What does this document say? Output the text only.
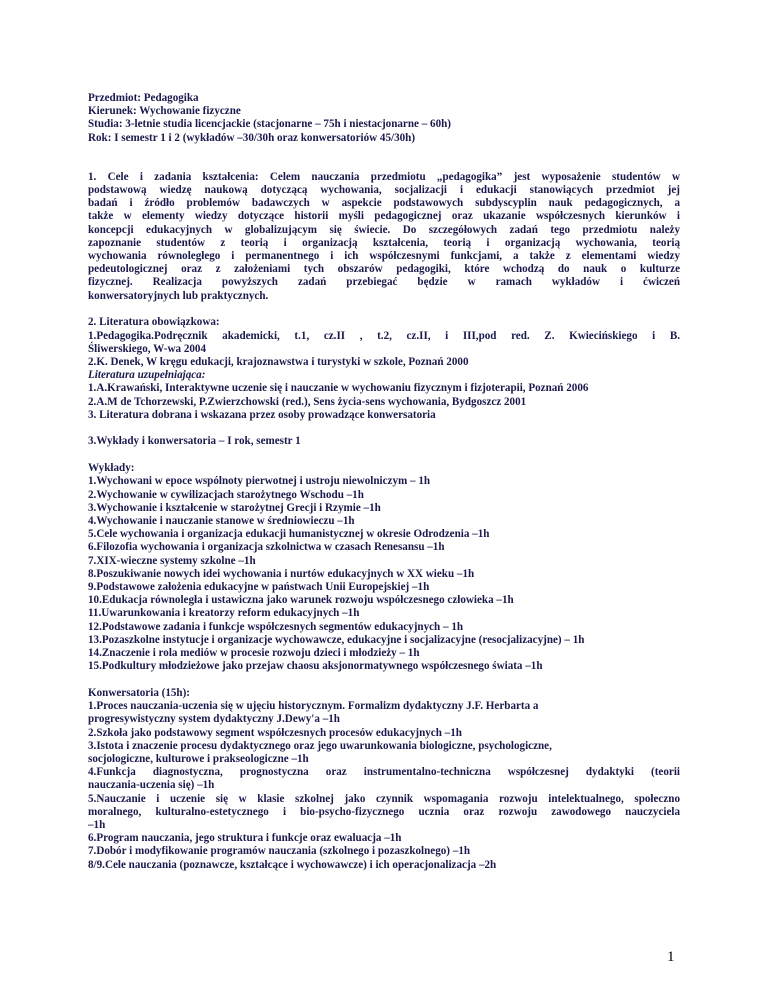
Przedmiot: Pedagogika
Kierunek: Wychowanie fizyczne
Studia: 3-letnie studia licencjackie (stacjonarne – 75h i niestacjonarne – 60h)
Rok: I semestr 1 i 2 (wykładów –30/30h oraz konwersatoriów 45/30h)
1. Cele i zadania kształcenia: Celem nauczania przedmiotu „pedagogika” jest wyposażenie studentów w
podstawową wiedzę naukową dotyczącą wychowania, socjalizacji i edukacji stanowiących przedmiot jej
badań i źródło problemów badawczych w aspekcie podstawowych subdyscyplin nauk pedagogicznych, a
także w elementy wiedzy dotyczące historii myśli pedagogicznej oraz ukazanie współczesnych kierunków i
koncepcji edukacyjnych w globalizującym się świecie. Do szczegółowych zadań tego przedmiotu należy
zapoznanie studentów z teorią i organizacją kształcenia, teorią i organizacją wychowania, teorią
wychowania równoległego i permanentnego i ich współczesnymi funkcjami, a także z elementami wiedzy
pedeutologicznej oraz z założeniami tych obszarów pedagogiki, które wchodzą do nauk o kulturze
fizycznej. Realizacja powyższych zadań przebiegać będzie w ramach wykładów i ćwiczeń
konwersatoryjnych lub praktycznych.
2. Literatura obowiązkowa:
1.Pedagogika.Podręcznik akademicki, t.1, cz.II , t.2, cz.II, i III,pod red. Z. Kwiecińskiego i B.
Śliwerskiego, W-wa 2004
2.K. Denek, W kręgu edukacji, krajoznawstwa i turystyki w szkole, Poznań 2000
Literatura uzupełniająca:
1.A.Krawański, Interaktywne uczenie się i nauczanie w wychowaniu fizycznym i fizjoterapii, Poznań 2006
2.A.M de Tchorzewski, P.Zwierzchowski (red.), Sens życia-sens wychowania, Bydgoszcz 2001
3. Literatura dobrana i wskazana przez osoby prowadzące konwersatoria
3.Wykłady i konwersatoria – I rok, semestr 1
Wykłady:
1.Wychowani w epoce wspólnoty pierwotnej i ustroju niewolniczym – 1h
2.Wychowanie w cywilizacjach starożytnego Wschodu –1h
3.Wychowanie i kształcenie w starożytnej Grecji i Rzymie –1h
4.Wychowanie i nauczanie stanowe w średniowieczu –1h
5.Cele wychowania i organizacja edukacji humanistycznej w okresie Odrodzenia –1h
6.Filozofia wychowania i organizacja szkolnictwa w czasach Renesansu –1h
7.XIX-wieczne systemy szkolne –1h
8.Poszukiwanie nowych idei wychowania i nurtów edukacyjnych w XX wieku –1h
9.Podstawowe założenia edukacyjne w państwach Unii Europejskiej –1h
10.Edukacja równoległa i ustawiczna jako warunek rozwoju współczesnego człowieka –1h
11.Uwarunkowania i kreatorzy reform edukacyjnych –1h
12.Podstawowe zadania i funkcje współczesnych segmentów edukacyjnych – 1h
13.Pozaszkolne instytucje i organizacje wychowawcze, edukacyjne i socjalizacyjne (resocjalizacyjne) – 1h
14.Znaczenie i rola mediów w procesie rozwoju dzieci i młodzieży – 1h
15.Podkultury młodzieżowe jako przejaw chaosu aksjonormatywnego współczesnego świata –1h
Konwersatoria (15h):
1.Proces nauczania-uczenia się w ujęciu historycznym. Formalizm dydaktyczny J.F. Herbarta a
progresywistyczny system dydaktyczny J.Dewy'a –1h
2.Szkoła jako podstawowy segment współczesnych procesów edukacyjnych –1h
3.Istota i znaczenie procesu dydaktycznego oraz jego uwarunkowania biologiczne, psychologiczne,
socjologiczne, kulturowe i prakseologiczne –1h
4.Funkcja diagnostyczna, prognostyczna oraz instrumentalno-techniczna współczesnej dydaktyki (teorii
nauczania-uczenia się) –1h
5.Nauczanie i uczenie się w klasie szkolnej jako czynnik wspomagania rozwoju intelektualnego, społeczno
moralnego, kulturalno-estetycznego i bio-psycho-fizycznego ucznia oraz rozwoju zawodowego nauczyciela
–1h
6.Program nauczania, jego struktura i funkcje oraz ewaluacja –1h
7.Dobór i modyfikowanie programów nauczania (szkolnego i pozaszkolnego) –1h
8/9.Cele nauczania (poznawcze, kształcące i wychowawcze) i ich operacjonalizacja –2h
1
